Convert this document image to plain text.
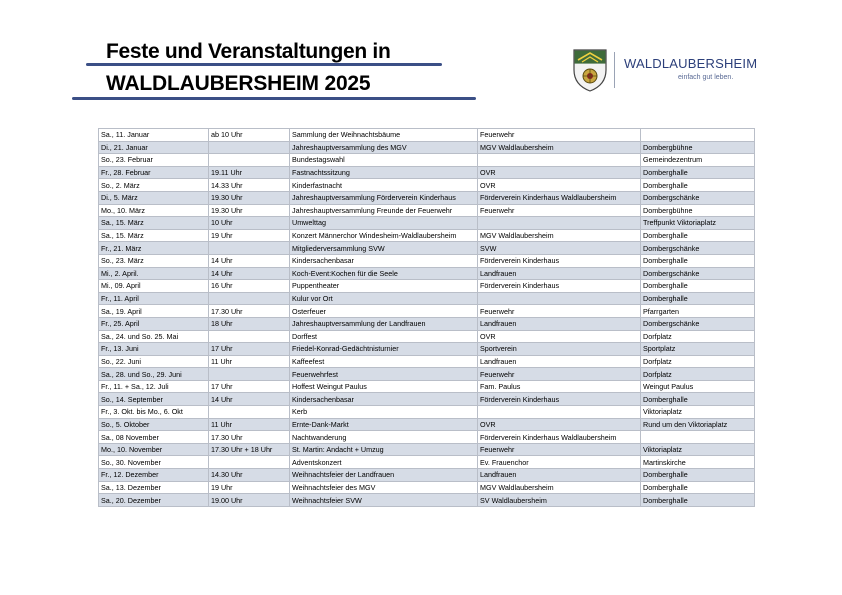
Feste und Veranstaltungen in
WALDLAUBERSHEIM 2025
WALDLAUBERSHEIM
einfach gut leben.
Sa., 11. Januar	ab 10 Uhr	Sammlung der Weihnachtsbäume	Feuerwehr	
Di., 21. Januar		Jahreshauptversammlung des MGV	MGV Waldlaubersheim	Dombergbühne
So., 23. Februar		Bundestagswahl		Gemeindezentrum
Fr., 28. Februar	19.11 Uhr	Fastnachtssitzung	OVR	Domberghalle
So., 2. März	14.33 Uhr	Kinderfastnacht	OVR	Domberghalle
Di., 5. März	19.30 Uhr	Jahreshauptversammlung Förderverein Kinderhaus	Förderverein Kinderhaus Waldlaubersheim	Dombergschänke
Mo., 10. März	19.30 Uhr	Jahreshauptversammlung Freunde der Feuerwehr	Feuerwehr	Dombergbühne
Sa., 15. März	10 Uhr	Umwelttag		Treffpunkt Viktoriaplatz
Sa., 15. März	19 Uhr	Konzert Männerchor Windesheim-Waldlaubersheim	MGV Waldlaubersheim	Domberghalle
Fr., 21. März		Mitgliederversammlung SVW	SVW	Dombergschänke
So., 23. März	14 Uhr	Kindersachenbasar	Förderverein Kinderhaus	Domberghalle
Mi., 2. April.	14 Uhr	Koch-Event:Kochen für die Seele	Landfrauen	Dombergschänke
Mi., 09. April	16 Uhr	Puppentheater	Förderverein Kinderhaus	Domberghalle
Fr., 11. April		Kulur vor Ort		Domberghalle
Sa., 19. April	17.30 Uhr	Osterfeuer	Feuerwehr	Pfarrgarten
Fr., 25. April	18 Uhr	Jahreshauptversammlung der Landfrauen	Landfrauen	Dombergschänke
Sa., 24. und So. 25. Mai		Dorffest	OVR	Dorfplatz
Fr., 13. Juni	17 Uhr	Friedel-Konrad-Gedächtnisturnier	Sportverein	Sportplatz
So., 22. Juni	11 Uhr	Kaffeefest	Landfrauen	Dorfplatz
Sa., 28. und So., 29. Juni		Feuerwehrfest	Feuerwehr	Dorfplatz
Fr., 11. + Sa., 12. Juli	17 Uhr	Hoffest Weingut Paulus	Fam. Paulus	Weingut Paulus
So., 14. September	14 Uhr	Kindersachenbasar	Förderverein Kinderhaus	Domberghalle
Fr., 3. Okt. bis Mo., 6. Okt		Kerb		Viktoriaplatz
So., 5. Oktober	11 Uhr	Ernte-Dank-Markt	OVR	Rund um den Viktoriaplatz
Sa., 08 November	17.30 Uhr	Nachtwanderung	Förderverein Kinderhaus Waldlaubersheim	
Mo., 10. November	17.30 Uhr + 18 Uhr	St. Martin: Andacht + Umzug	Feuerwehr	Viktoriaplatz
So., 30. November		Adventskonzert	Ev. Frauenchor	Martinskirche
Fr., 12. Dezember	14.30 Uhr	Weihnachtsfeier der Landfrauen	Landfrauen	Domberghalle
Sa., 13. Dezember	19 Uhr	Weihnachtsfeier des MGV	MGV Waldlaubersheim	Domberghalle
Sa., 20. Dezember	19.00 Uhr	Weihnachtsfeier SVW	SV Waldlaubersheim	Domberghalle
